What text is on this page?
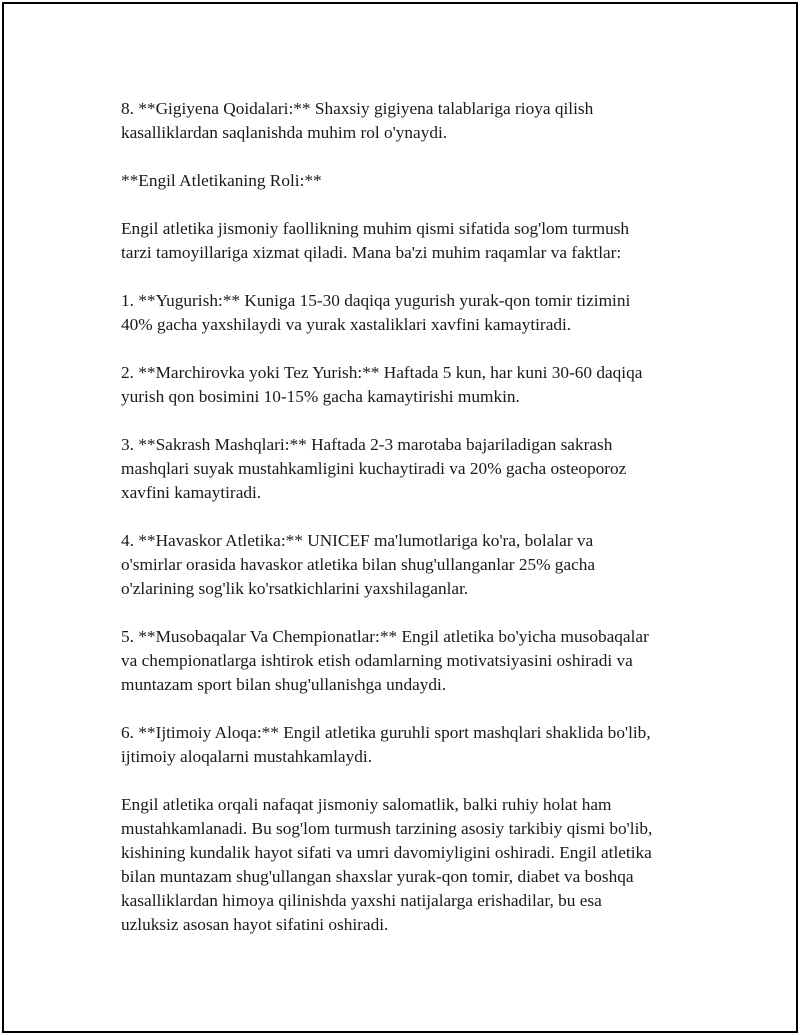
8. **Gigiyena Qoidalari:** Shaxsiy gigiyena talablariga rioya qilish
kasalliklardan saqlanishda muhim rol o'ynaydi.

**Engil Atletikaning Roli:**

Engil atletika jismoniy faollikning muhim qismi sifatida sog'lom turmush
tarzi tamoyillariga xizmat qiladi. Mana ba'zi muhim raqamlar va faktlar:

1. **Yugurish:** Kuniga 15-30 daqiqa yugurish yurak-qon tomir tizimini
40% gacha yaxshilaydi va yurak xastaliklari xavfini kamaytiradi.

2. **Marchirovka yoki Tez Yurish:** Haftada 5 kun, har kuni 30-60 daqiqa
yurish qon bosimini 10-15% gacha kamaytirishi mumkin.

3. **Sakrash Mashqlari:** Haftada 2-3 marotaba bajariladigan sakrash
mashqlari suyak mustahkamligini kuchaytiradi va 20% gacha osteoporoz
xavfini kamaytiradi.

4. **Havaskor Atletika:** UNICEF ma'lumotlariga ko'ra, bolalar va
o'smirlar orasida havaskor atletika bilan shug'ullanganlar 25% gacha
o'zlarining sog'lik ko'rsatkichlarini yaxshilaganlar.

5. **Musobaqalar Va Chempionatlar:** Engil atletika bo'yicha musobaqalar
va chempionatlarga ishtirok etish odamlarning motivatsiyasini oshiradi va
muntazam sport bilan shug'ullanishga undaydi.

6. **Ijtimoiy Aloqa:** Engil atletika guruhli sport mashqlari shaklida bo'lib,
ijtimoiy aloqalarni mustahkamlaydi.

Engil atletika orqali nafaqat jismoniy salomatlik, balki ruhiy holat ham
mustahkamlanadi. Bu sog'lom turmush tarzining asosiy tarkibiy qismi bo'lib,
kishining kundalik hayot sifati va umri davomiyligini oshiradi. Engil atletika
bilan muntazam shug'ullangan shaxslar yurak-qon tomir, diabet va boshqa
kasalliklardan himoya qilinishda yaxshi natijalarga erishadilar, bu esa
uzluksiz asosan hayot sifatini oshiradi.
